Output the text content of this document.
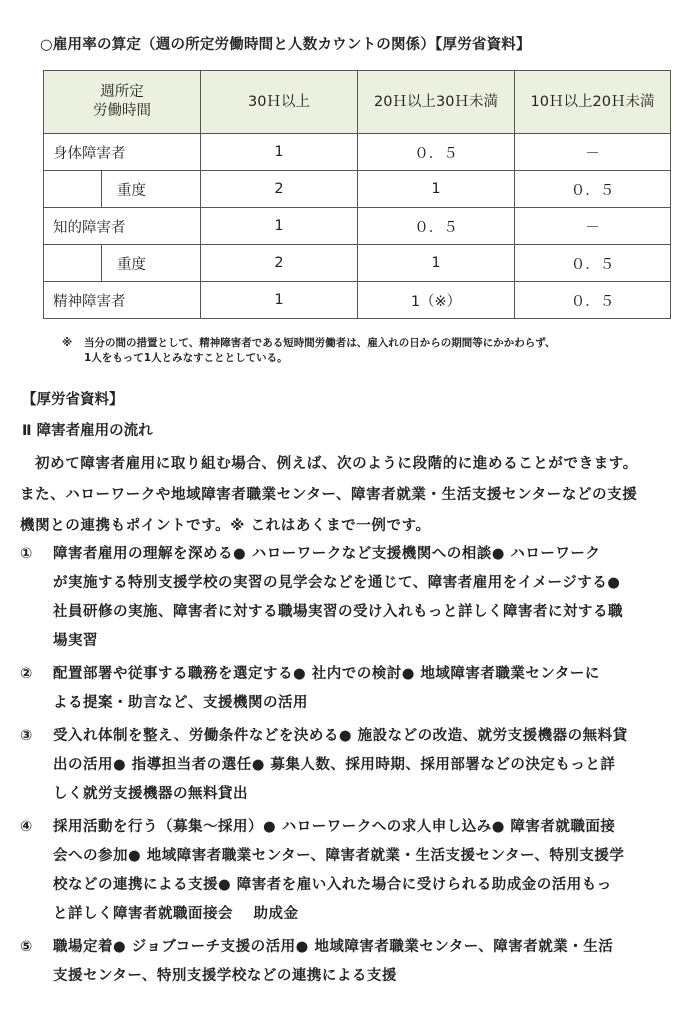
○雇用率の算定（週の所定労働時間と人数カウントの関係）【厚労省資料】
週所定
労働時間		30Ｈ以上	20Ｈ以上30Ｈ未満	10Ｈ以上20Ｈ未満
身体障害者		1	０．５	－
	重度	2	1	０．５
知的障害者		1	０．５	－
	重度	2	1	０．５
精神障害者		1	1（※）	０．５
※ 当分の間の措置として、精神障害者である短時間労働者は、雇入れの日からの期間等にかかわらず、
1人をもって1人とみなすこととしている。
【厚労省資料】
Ⅱ 障害者雇用の流れ
初めて障害者雇用に取り組む場合、例えば、次のように段階的に進めることができます。
また、ハローワークや地域障害者職業センター、障害者就業・生活支援センターなどの支援
機関との連携もポイントです。※ これはあくまで一例です。
① 障害者雇用の理解を深める● ハローワークなど支援機関への相談● ハローワーク
が実施する特別支援学校の実習の見学会などを通じて、障害者雇用をイメージする●
社員研修の実施、障害者に対する職場実習の受け入れもっと詳しく障害者に対する職
場実習
② 配置部署や従事する職務を選定する● 社内での検討● 地域障害者職業センターに
よる提案・助言など、支援機関の活用
③ 受入れ体制を整え、労働条件などを決める● 施設などの改造、就労支援機器の無料貸
出の活用● 指導担当者の選任● 募集人数、採用時期、採用部署などの決定もっと詳
しく就労支援機器の無料貸出
④ 採用活動を行う（募集～採用）● ハローワークへの求人申し込み● 障害者就職面接
会への参加● 地域障害者職業センター、障害者就業・生活支援センター、特別支援学
校などの連携による支援● 障害者を雇い入れた場合に受けられる助成金の活用もっ
と詳しく障害者就職面接会　 助成金
⑤ 職場定着● ジョブコーチ支援の活用● 地域障害者職業センター、障害者就業・生活
支援センター、特別支援学校などの連携による支援
